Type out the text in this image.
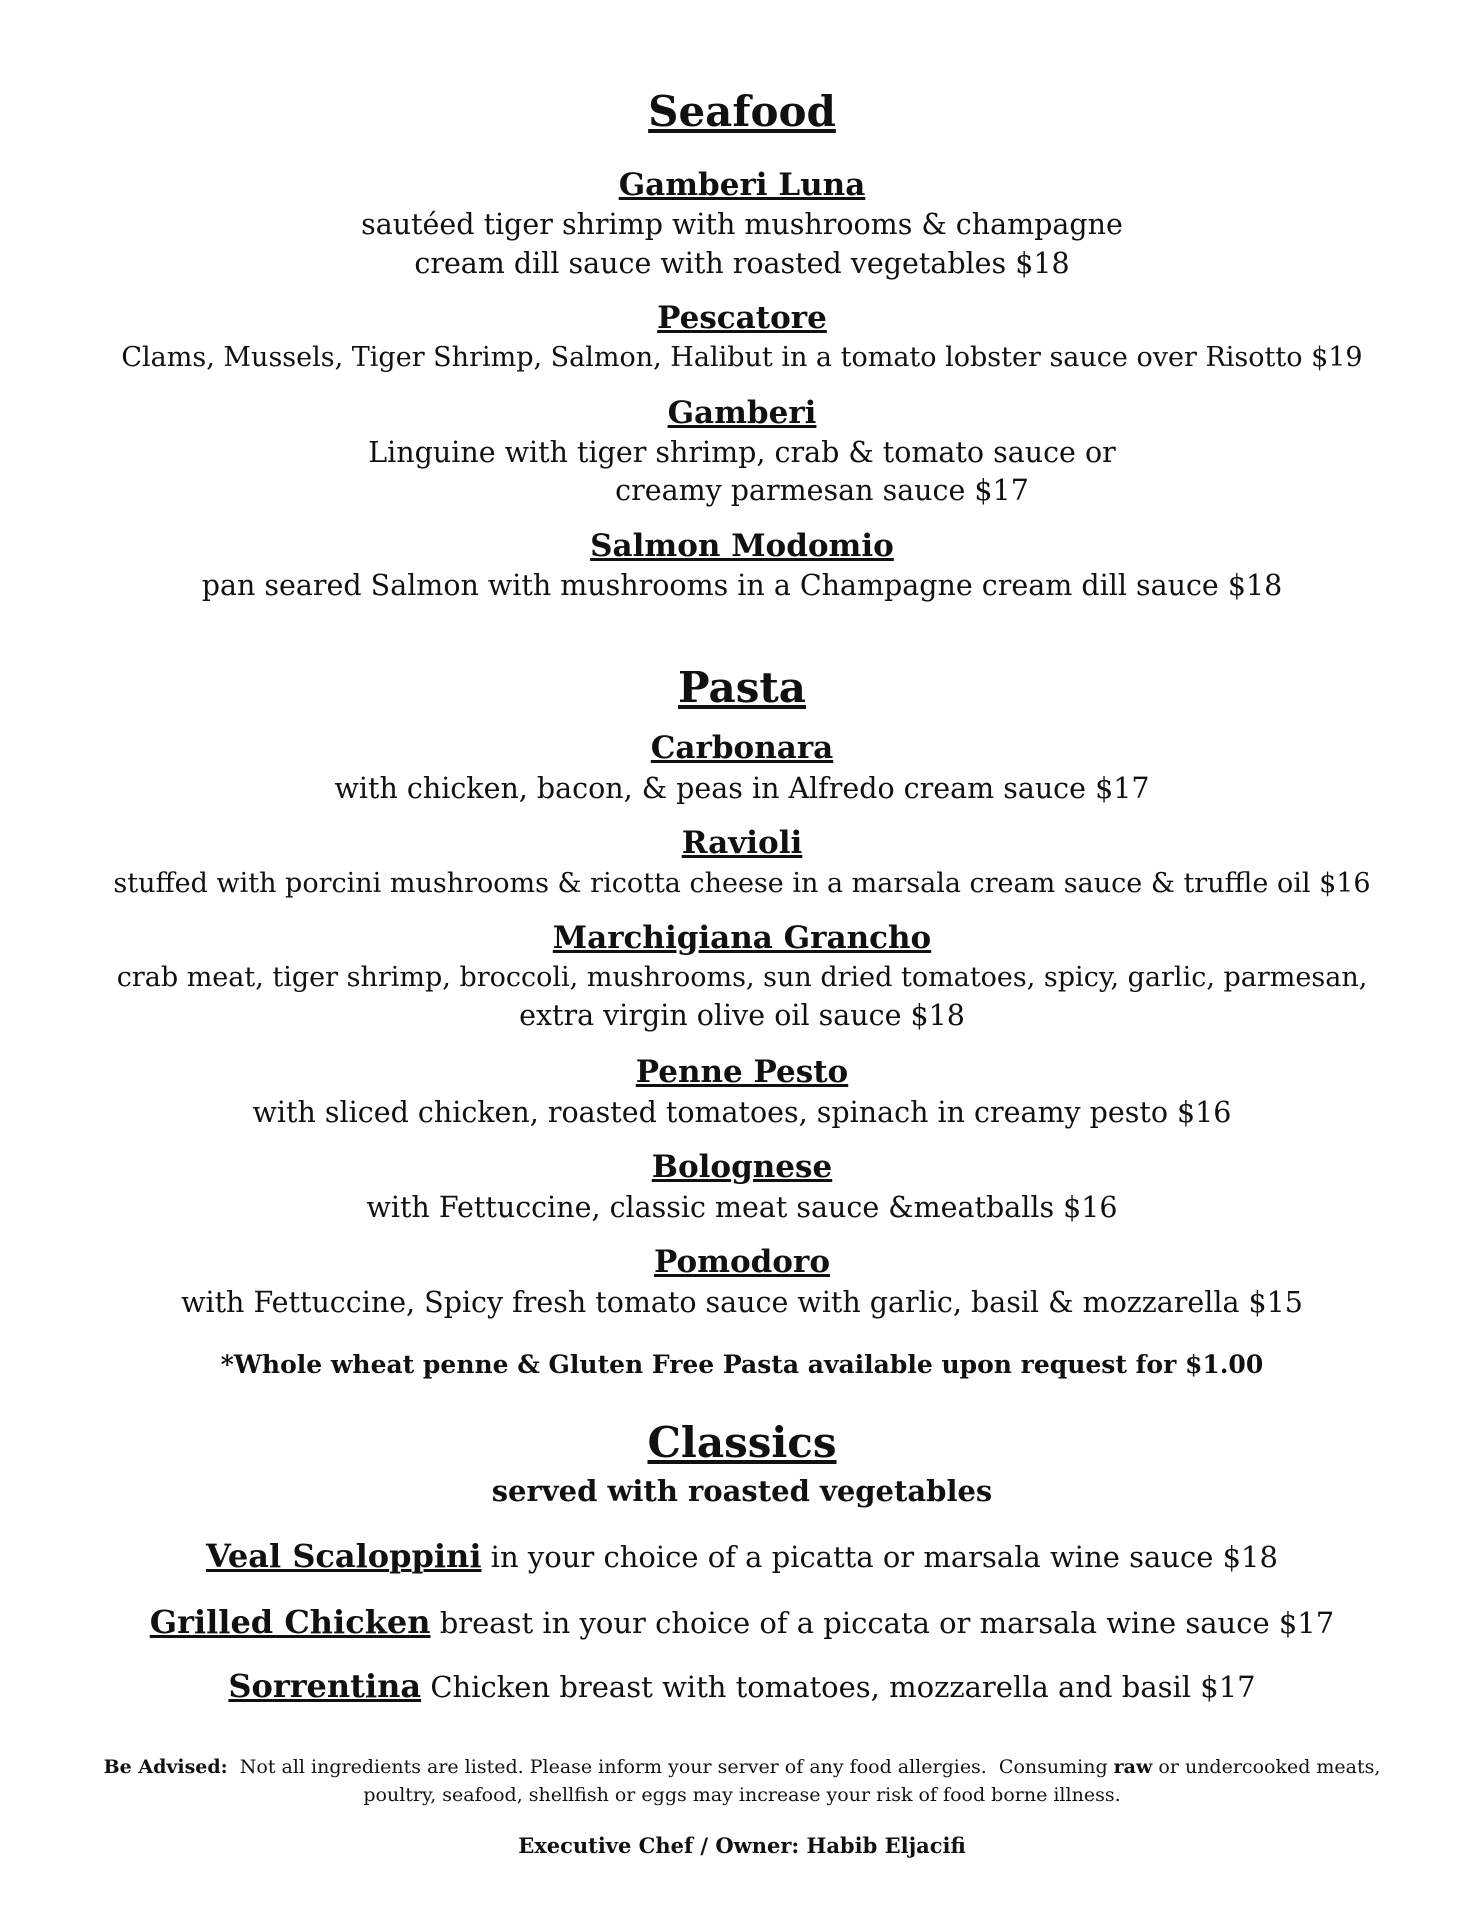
Seafood
Gamberi Luna
sautéed tiger shrimp with mushrooms & champagne
cream dill sauce with roasted vegetables $18
Pescatore
Clams, Mussels, Tiger Shrimp, Salmon, Halibut in a tomato lobster sauce over Risotto $19
Gamberi
Linguine with tiger shrimp, crab & tomato sauce or
creamy parmesan sauce $17
Salmon Modomio
pan seared Salmon with mushrooms in a Champagne cream dill sauce $18
Pasta
Carbonara
with chicken, bacon, & peas in Alfredo cream sauce $17
Ravioli
stuffed with porcini mushrooms & ricotta cheese in a marsala cream sauce & truffle oil $16
Marchigiana Grancho
crab meat, tiger shrimp, broccoli, mushrooms, sun dried tomatoes, spicy, garlic, parmesan,
extra virgin olive oil sauce $18
Penne Pesto
with sliced chicken, roasted tomatoes, spinach in creamy pesto $16
Bolognese
with Fettuccine, classic meat sauce &meatballs $16
Pomodoro
with Fettuccine, Spicy fresh tomato sauce with garlic, basil & mozzarella $15
*Whole wheat penne & Gluten Free Pasta available upon request for $1.00
Classics
served with roasted vegetables
Veal Scaloppini in your choice of a picatta or marsala wine sauce $18
Grilled Chicken breast in your choice of a piccata or marsala wine sauce $17
Sorrentina Chicken breast with tomatoes, mozzarella and basil $17
Be Advised:  Not all ingredients are listed. Please inform your server of any food allergies.  Consuming raw or undercooked meats,
poultry, seafood, shellfish or eggs may increase your risk of food borne illness.
Executive Chef / Owner: Habib Eljacifi
